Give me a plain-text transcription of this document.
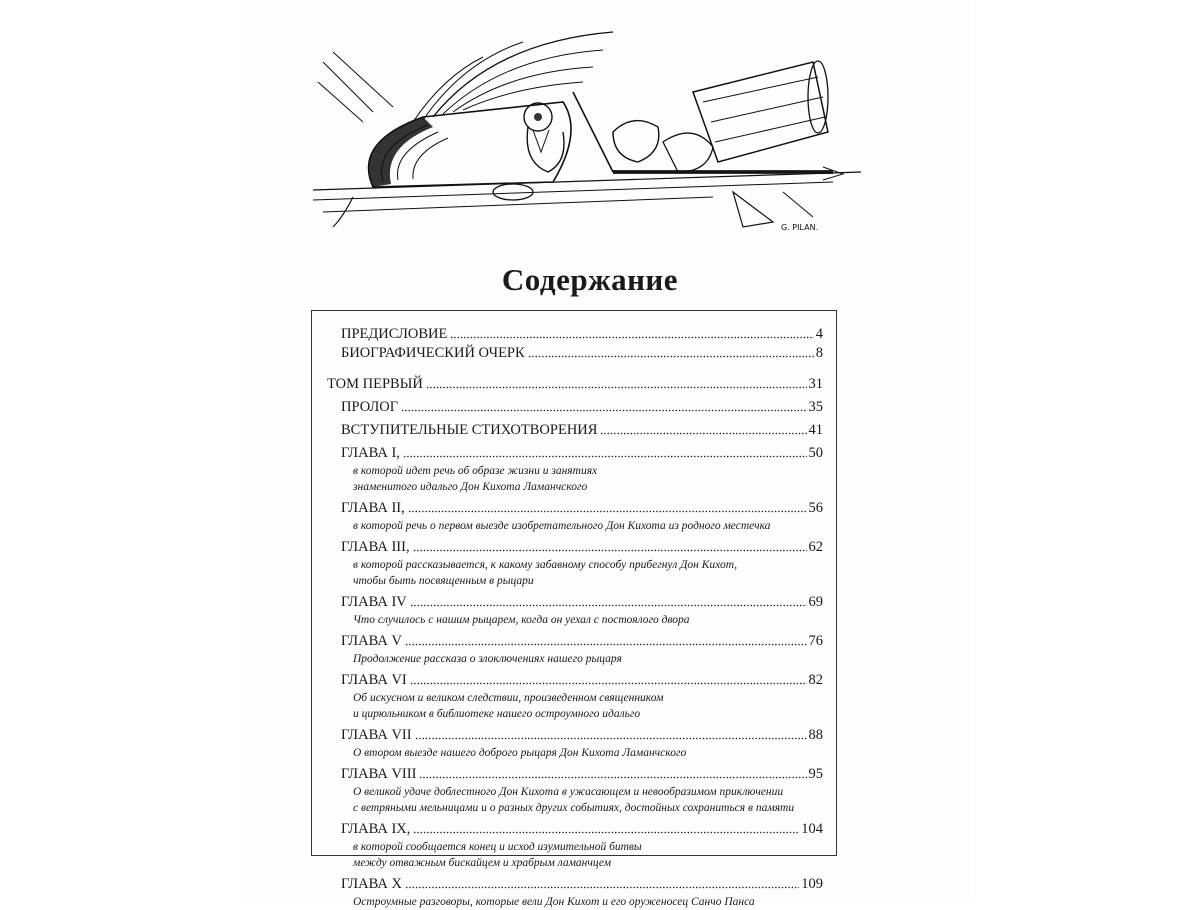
G. PILAN.
Содержание
ПРЕДИСЛОВИЕ	4
БИОГРАФИЧЕСКИЙ ОЧЕРК	8
ТОМ ПЕРВЫЙ	31
ПРОЛОГ	35
ВСТУПИТЕЛЬНЫЕ СТИХОТВОРЕНИЯ	41
ГЛАВА I,	50
в которой идет речь об образе жизни и занятиях
знаменитого идальго Дон Кихота Ламанчского
ГЛАВА II,	56
в которой речь о первом выезде изобретательного Дон Кихота из родного местечка
ГЛАВА III,	62
в которой рассказывается, к какому забавному способу прибегнул Дон Кихот,
чтобы быть посвященным в рыцари
ГЛАВА IV	69
Что случилось с нашим рыцарем, когда он уехал с постоялого двора
ГЛАВА V	76
Продолжение рассказа о злоключениях нашего рыцаря
ГЛАВА VI	82
Об искусном и великом следствии, произведенном священником
и цирюльником в библиотеке нашего остроумного идальго
ГЛАВА VII	88
О втором выезде нашего доброго рыцаря Дон Кихота Ламанчского
ГЛАВА VIII	95
О великой удаче доблестного Дон Кихота в ужасающем и невообразимом приключении
с ветряными мельницами и о разных других событиях, достойных сохраниться в памяти
ГЛАВА IX,	104
в которой сообщается конец и исход изумительной битвы
между отважным бискайцем и храбрым ламанчцем
ГЛАВА X	109
Остроумные разговоры, которые вели Дон Кихот и его оруженосец Санчо Панса
